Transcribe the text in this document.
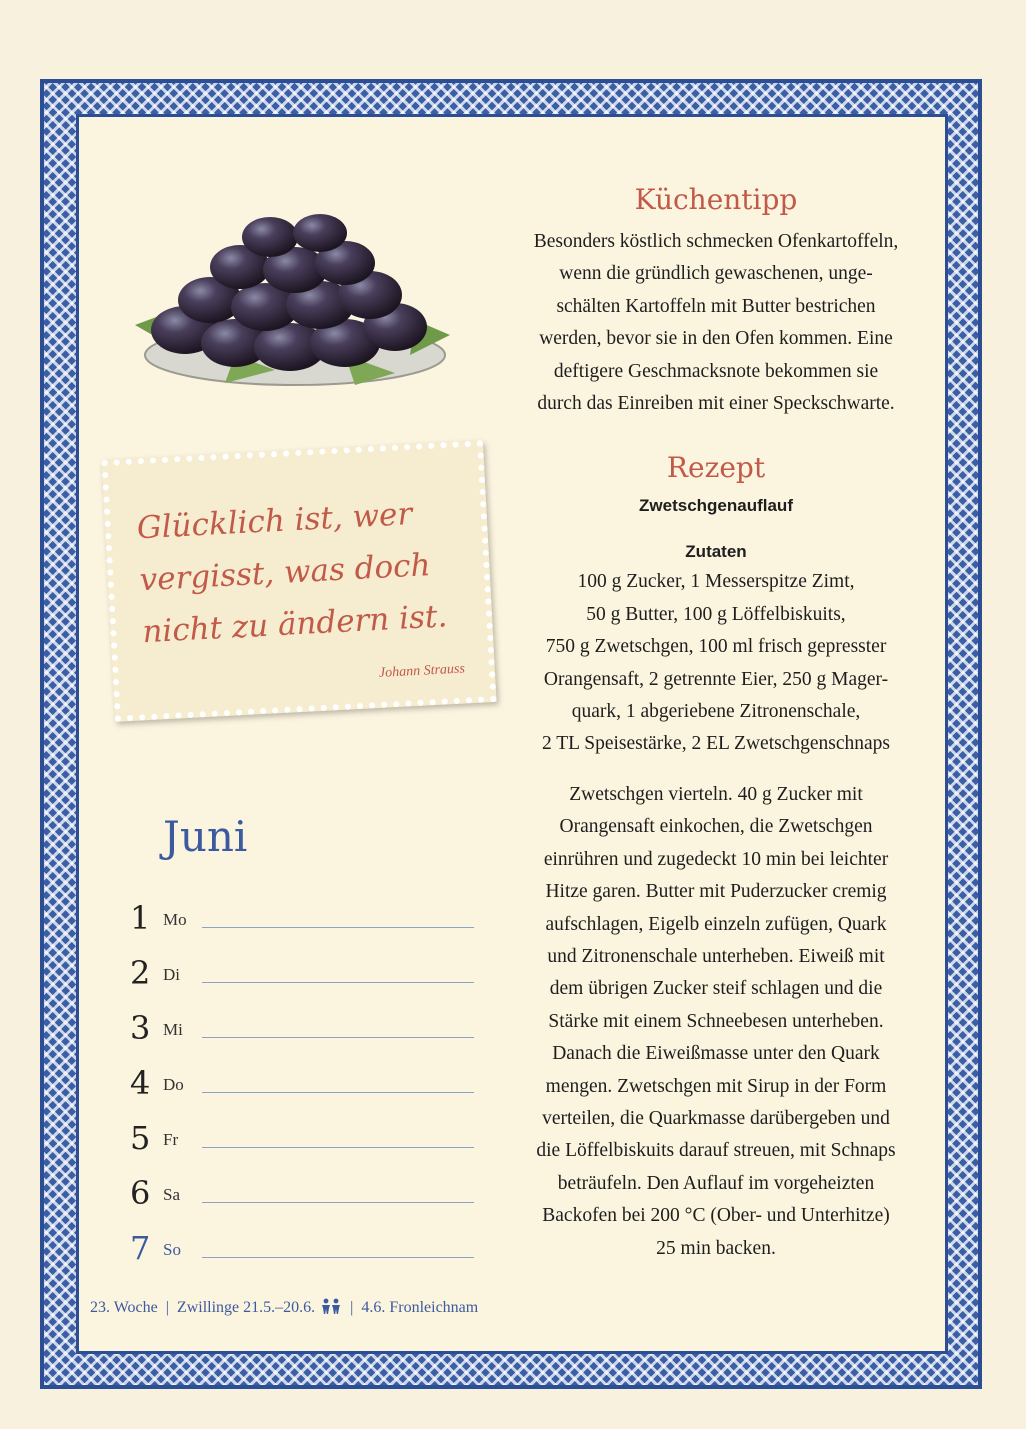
Glücklich ist, wer
vergisst, was doch
nicht zu ändern ist.
Johann Strauss
Juni
1 Mo
2 Di
3 Mi
4 Do
5 Fr
6 Sa
7 So
Küchentipp
Besonders köstlich schmecken Ofenkartoffeln,
wenn die gründlich gewaschenen, unge-
schälten Kartoffeln mit Butter bestrichen
werden, bevor sie in den Ofen kommen. Eine
deftigere Geschmacksnote bekommen sie
durch das Einreiben mit einer Speckschwarte.
Rezept
Zwetschgenauflauf
Zutaten
100 g Zucker, 1 Messerspitze Zimt,
50 g Butter, 100 g Löffelbiskuits,
750 g Zwetschgen, 100 ml frisch gepresster
Orangensaft, 2 getrennte Eier, 250 g Mager-
quark, 1 abgeriebene Zitronenschale,
2 TL Speisestärke, 2 EL Zwetschgenschnaps
Zwetschgen vierteln. 40 g Zucker mit
Orangensaft einkochen, die Zwetschgen
einrühren und zugedeckt 10 min bei leichter
Hitze garen. Butter mit Puderzucker cremig
aufschlagen, Eigelb einzeln zufügen, Quark
und Zitronenschale unterheben. Eiweiß mit
dem übrigen Zucker steif schlagen und die
Stärke mit einem Schneebesen unterheben.
Danach die Eiweißmasse unter den Quark
mengen. Zwetschgen mit Sirup in der Form
verteilen, die Quarkmasse darübergeben und
die Löffelbiskuits darauf streuen, mit Schnaps
beträufeln. Den Auflauf im vorgeheizten
Backofen bei 200 °C (Ober- und Unterhitze)
25 min backen.
23. Woche | Zwillinge 21.5.–20.6. | 4.6. Fronleichnam
